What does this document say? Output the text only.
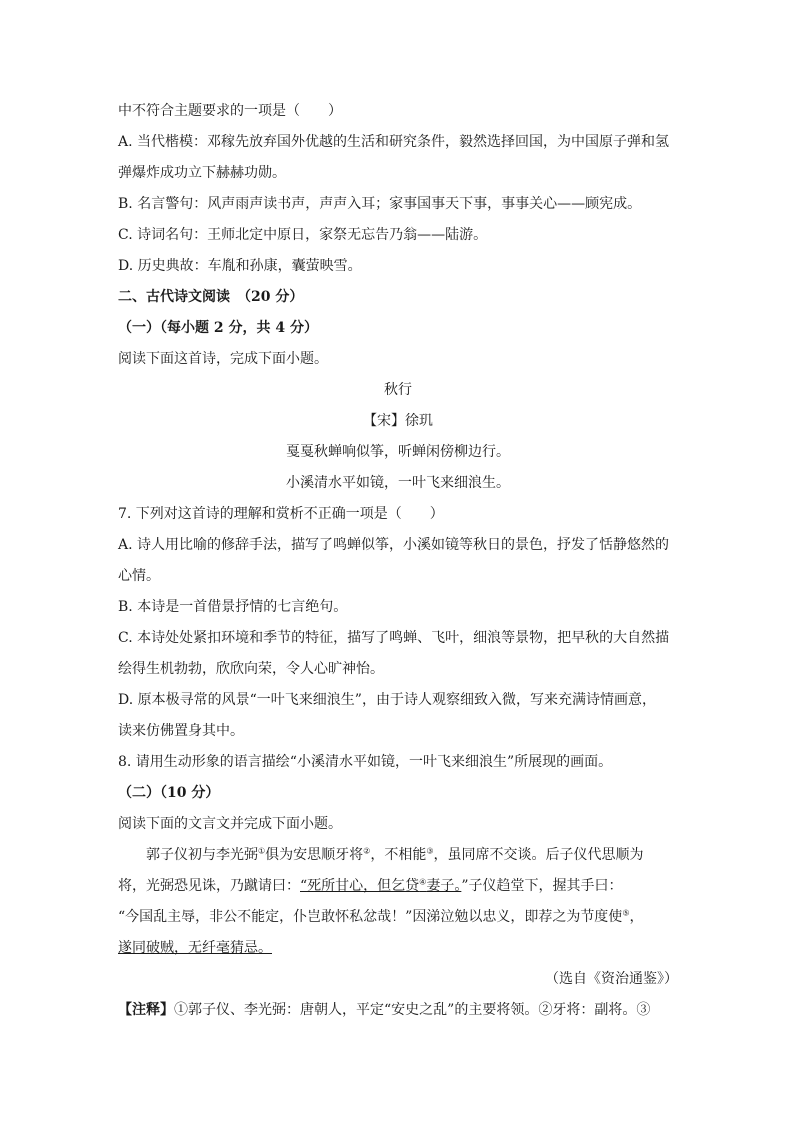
中不符合主题要求的一项是（　　）
A. 当代楷模：邓稼先放弃国外优越的生活和研究条件，毅然选择回国，为中国原子弹和氢
弹爆炸成功立下赫赫功勋。
B. 名言警句：风声雨声读书声，声声入耳；家事国事天下事，事事关心——顾宪成。
C. 诗词名句：王师北定中原日，家祭无忘告乃翁——陆游。
D. 历史典故：车胤和孙康，囊萤映雪。
二、古代诗文阅读　（20 分）
（一）（每小题 2 分，共 4 分）
阅读下面这首诗，完成下面小题。
秋行
【宋】徐玑
戛戛秋蝉响似筝，听蝉闲傍柳边行。
小溪清水平如镜，一叶飞来细浪生。
7. 下列对这首诗的理解和赏析不正确一项是（　　）
A. 诗人用比喻的修辞手法，描写了鸣蝉似筝，小溪如镜等秋日的景色，抒发了恬静悠然的
心情。
B. 本诗是一首借景抒情的七言绝句。
C. 本诗处处紧扣环境和季节的特征，描写了鸣蝉、飞叶，细浪等景物，把早秋的大自然描
绘得生机勃勃，欣欣向荣，令人心旷神怡。
D. 原本极寻常的风景“一叶飞来细浪生”，由于诗人观察细致入微，写来充满诗情画意，
读来仿佛置身其中。
8. 请用生动形象的语言描绘“小溪清水平如镜，一叶飞来细浪生”所展现的画面。
（二）（10 分）
阅读下面的文言文并完成下面小题。
郭子仪初与李光弼①俱为安思顺牙将②，不相能③，虽同席不交谈。后子仪代思顺为
将，光弼恐见诛，乃蹴请曰：“死所甘心，但乞贷④妻子。”子仪趋堂下，握其手曰：
“今国乱主辱，非公不能定，仆岂敢怀私忿哉！”因涕泣勉以忠义，即荐之为节度使⑤，
遂同破贼，无纤毫猜忌。
（选自《资治通鉴》）
【注释】①郭子仪、李光弼：唐朝人，平定“安史之乱”的主要将领。②牙将：副将。③
